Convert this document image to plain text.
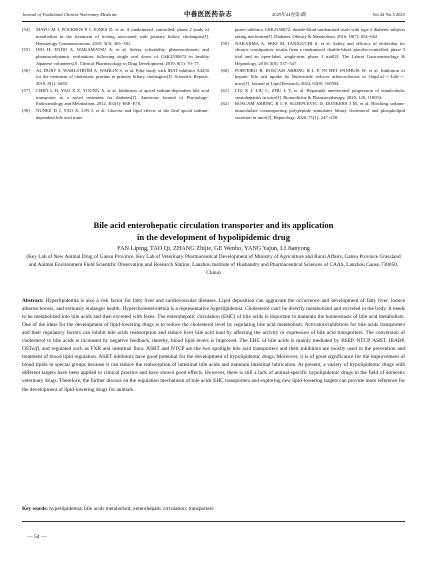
Journal of Traditional Chinese Veterinary Medicine	中兽医医药杂志	2025年44卷第3期	Vol.44 No.3 2025
[54] MAYO M J, POCKROS P J, JONES D, et al. A randomized, controlled, phase 2 study of maralixibat in the treatment of itching associated with primary biliary cholangitis[J]. Hepatology Communications, 2019, 3(3): 365−381.
[55] INO H, ENDO A, WAKAMATSU A, et al. Safety, tolerability, pharmacokinetic and pharmacodynamic evaluations following single oral doses of GSK2330672 in healthy Japanese volunteers[J]. Clinical Pharmacology in Drug Development, 2019, 8(1): 70−77.
[56] AL-DURY S, WAHLSTRÖM A, WAHLIN S, et al. Pilot study with IBAT inhibitor A4250 for the treatment of cholestatic pruritus in primary biliary cholangitis[J]. Scientific Reports, 2018, 8(1): 6658.
[57] CHEN L H, YAO X Z, YOUNG A, et al. Inhibition of apical sodium-dependent bile acid transporter as a novel treatment for diabetes[J]. American Journal of Physiology-Endocrinology and Metabolism, 2012, 302(1): E68−E76.
[58] NUNEZ D J, YAO X, LIN J, et al. Glucose and lipid effects of the ileal apical sodium-dependent bile acid trans-
porter inhibitor GSK2330672: double-blind randomized trials with type 2 diabetes subjects taking metformin[J]. Diabetes, Obesity & Metabolism, 2016, 18(7): 654−662.
[59] NAKAJIMA A, SEKI M, TANIGUCHI S, et al. Safety and efficacy of elobixibat for chronic constipation: results from a randomised, double-blind, placebo-controlled, phase 3 trial and an open-label, single-arm, phase 3 trial[J]. The Lancet Gastroenterology & Hepatology, 2018, 3(8): 537−547.
[60] PORTEIRO B, ROSCAM ABBING R L P, IN HET PANHUIS W, et al. Inhibition of hepatic bile salt uptake by Bulevirtide reduces atherosclerosis in Oatp1a1−/−Ldlr−/− mice[J]. Journal of Lipid Research, 2024, 65(8): 100594.
[61] LIU X J, LIU C, ZHU L Y, et al. Hepatitide ameliorated progression of nonalcoholic steatohepatitis in mice[J]. Biomedicine & Pharmacotherapy, 2020, 126: 110053.
[62] ROSCAM ABBING R L P, SLIJEPCEVIC D, DONKERS J M, et al. Blocking sodium-taurocholate cotransporting polypeptide stimulates biliary cholesterol and phospholipid secretion in mice[J]. Hepatology, 2020, 71(1): 247−258.

Bile acid enterohepatic circulation transporter and its application

in the development of hypolipidemic drug

FAN Liping, TAO Qi, ZHANG Zhijie, GE Wenbo, YANG Yajun, LI Jianyong
(Key Lab of New Animal Drug of Gansu Province, Key Lab of Veterinary Pharmaceutical Development of Ministry of Agriculture and Rural Affairs, Gansu Province Grassland and Animal Environment Field Scientific Observation and Research Station, Lanzhou Institute of Husbandry and Pharmaceutical Sciences of CAAS, Lanzhou Gansu 730050, China)
Abstract: Hyperlipidemia is also a risk factor for fatty liver and cardiovascular diseases. Lipid deposition can aggravate the occurrence and development of fatty liver, induce atherosclerosis, and seriously endanger health. Hypercholesterolemia is a representative hyperlipidemia. Cholesterol can't be directly metabolized and excreted in the body. It needs to be metabolized into bile acids and then excreted with feces. The enterohepatic circulation (EHC) of bile acids is important to maintain the homeostasis of bile acid metabolism. One of the ideas for the development of lipid-lowering drugs is to reduce the cholesterol level by regulating bile acid metabolism. Activators/inhibitors for bile acids transporters and their regulatory factors can inhibit bile acids reabsorption and reduce liver bile acid load by affecting the activity or expression of bile acid transporters. The conversion of cholesterol to bile acids is increased by negative feedback, thereby, blood lipid levels is improved. The EHC of bile acids is mainly mediated by BSEP, NTCP, ASBT, IBABP, OSTα/β, and regulated such as FXR and intestinal flora. ASBT and NTCP are the two spotlight bile acid transporters and their inhibitors are mostly used in the prevention and treatment of blood lipid regulation. ASBT inhibitors have good potential for the development of hypolipidemic drugs. Moreover, it is of great significance for the improvement of blood lipids in special groups because it can reduce the reabsorption of intestinal bile acids and maintain intestinal lubrication. At present, a variety of hypolipidemic drugs with different targets have been applied to clinical practice and have shown good effects. However, there is still a lack of animal-specific hypolipidemic drugs in the field of domestic veterinary drugs. Therefore, the further discuss on the regulation mechanism of bile acids EHC transporters and exploring new lipid-lowering targets can provide more reference for the development of lipid-lowering drugs for animals.
Key words: hyperlipidemia; bile acids metabolism; enterohepatic circulation; transporters
— 54 —
